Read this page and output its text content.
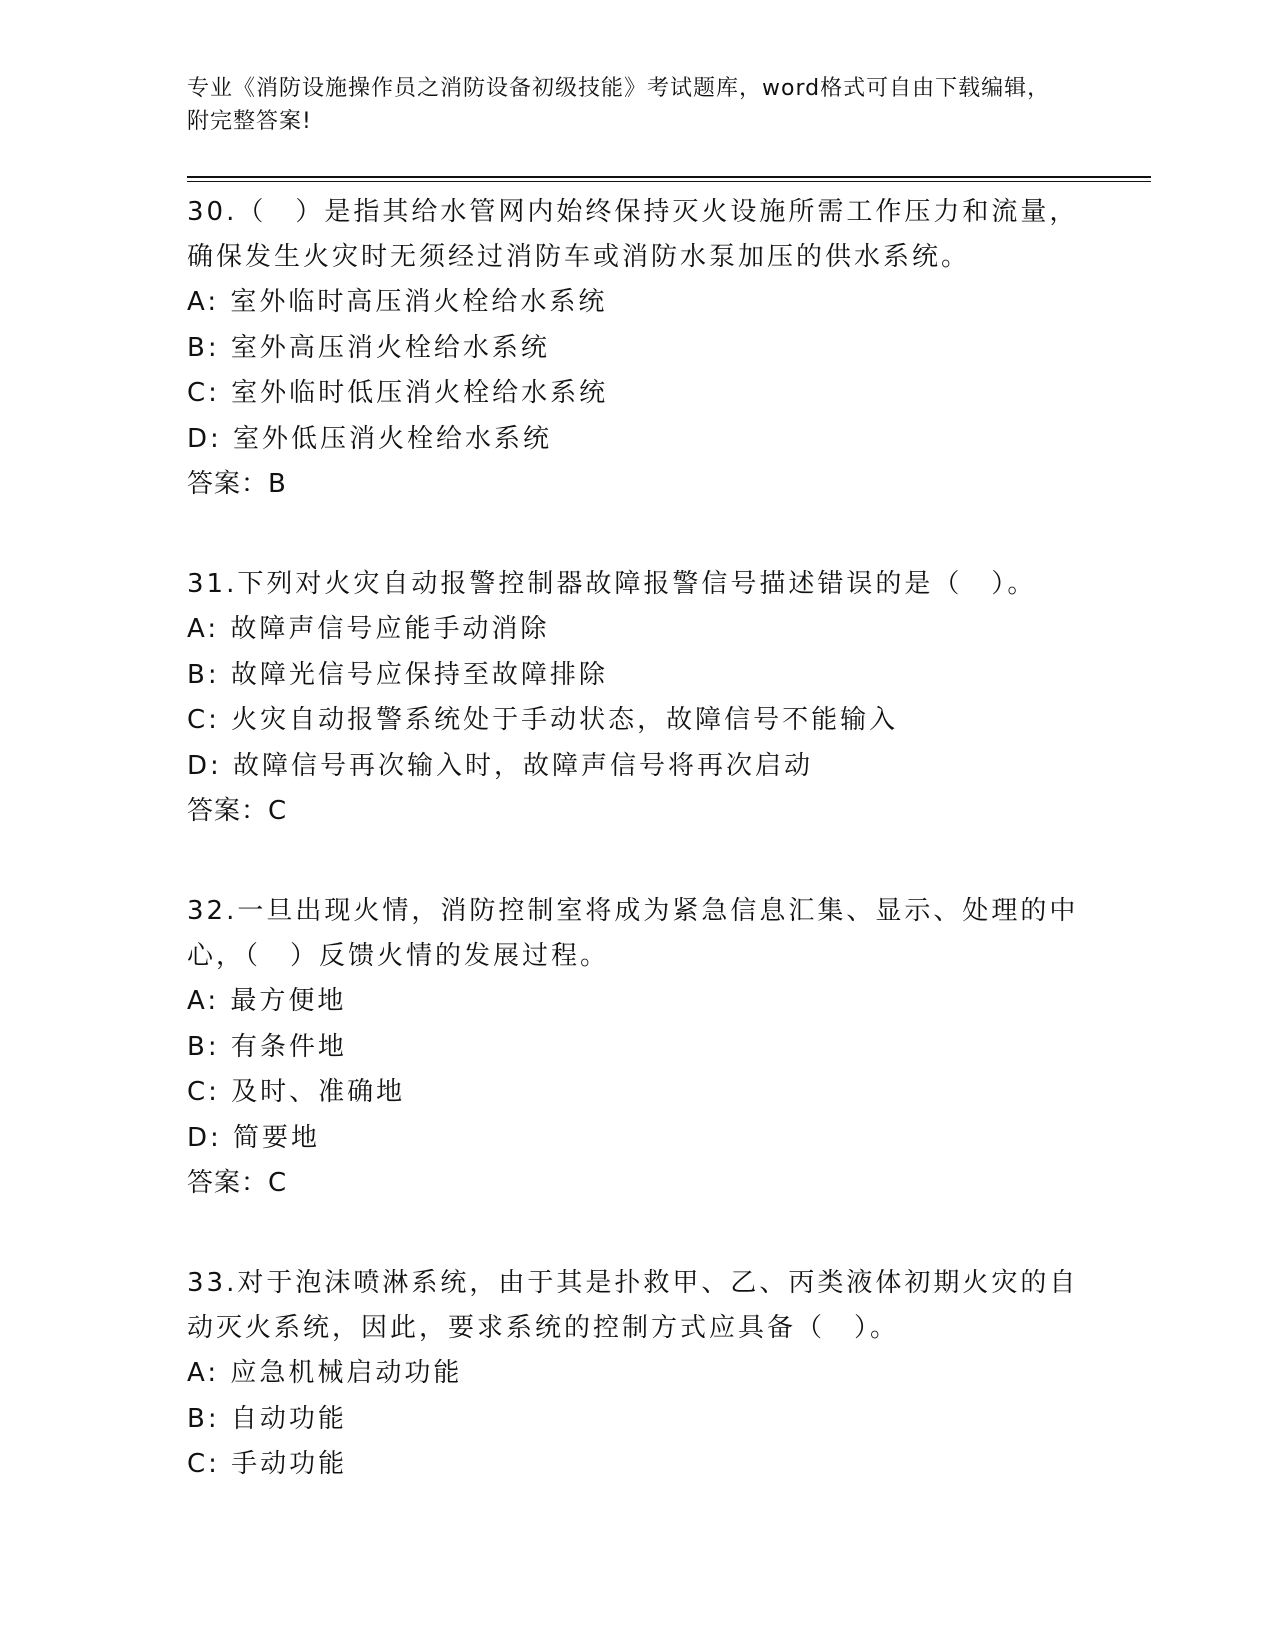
专业《消防设施操作员之消防设备初级技能》考试题库，word格式可自由下载编辑，附完整答案!

30.（　）是指其给水管网内始终保持灭火设施所需工作压力和流量，确保发生火灾时无须经过消防车或消防水泵加压的供水系统。

A: 室外临时高压消火栓给水系统

B: 室外高压消火栓给水系统

C: 室外临时低压消火栓给水系统

D: 室外低压消火栓给水系统

答案：B

31.下列对火灾自动报警控制器故障报警信号描述错误的是（　）。

A: 故障声信号应能手动消除

B: 故障光信号应保持至故障排除

C: 火灾自动报警系统处于手动状态，故障信号不能输入

D: 故障信号再次输入时，故障声信号将再次启动

答案：C

32.一旦出现火情，消防控制室将成为紧急信息汇集、显示、处理的中心，（　）反馈火情的发展过程。

A: 最方便地

B: 有条件地

C: 及时、准确地

D: 简要地

答案：C

33.对于泡沫喷淋系统，由于其是扑救甲、乙、丙类液体初期火灾的自动灭火系统，因此，要求系统的控制方式应具备（　）。

A: 应急机械启动功能

B: 自动功能

C: 手动功能
